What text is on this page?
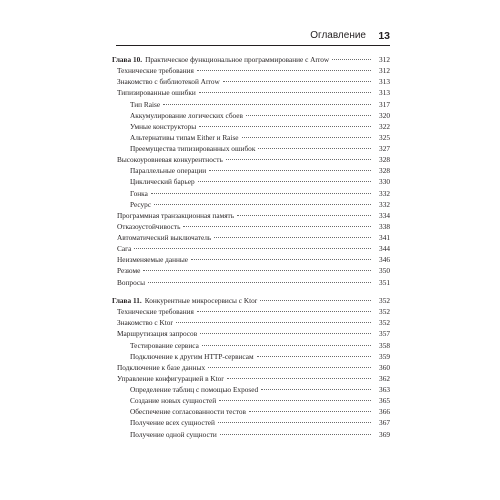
Оглавление 13
Глава 10. Практическое функциональное программирование с Arrow	312
Технические требования	312
Знакомство с библиотекой Arrow	313
Типизированные ошибки	313
Тип Raise	317
Аккумулирование логических сбоев	320
Умные конструкторы	322
Альтернативы типам Either и Raise	325
Преемущества типизированных ошибок	327
Высокоуровневая конкурентность	328
Параллельные операции	328
Циклический барьер	330
Гонка	332
Ресурс	332
Программная транзакционная память	334
Отказоустойчивость	338
Автоматический выключатель	341
Сага	344
Неизменяемые данные	346
Резюме	350
Вопросы	351
Глава 11. Конкурентные микросервисы с Ktor	352
Технические требования	352
Знакомство с Ktor	352
Маршрутизация запросов	357
Тестирование сервиса	358
Подключение к другим HTTP-сервисам	359
Подключение к базе данных	360
Управление конфигурацией в Ktor	362
Определение таблиц с помощью Exposed	363
Создание новых сущностей	365
Обеспечение согласованности тестов	366
Получение всех сущностей	367
Получение одной сущности	369
